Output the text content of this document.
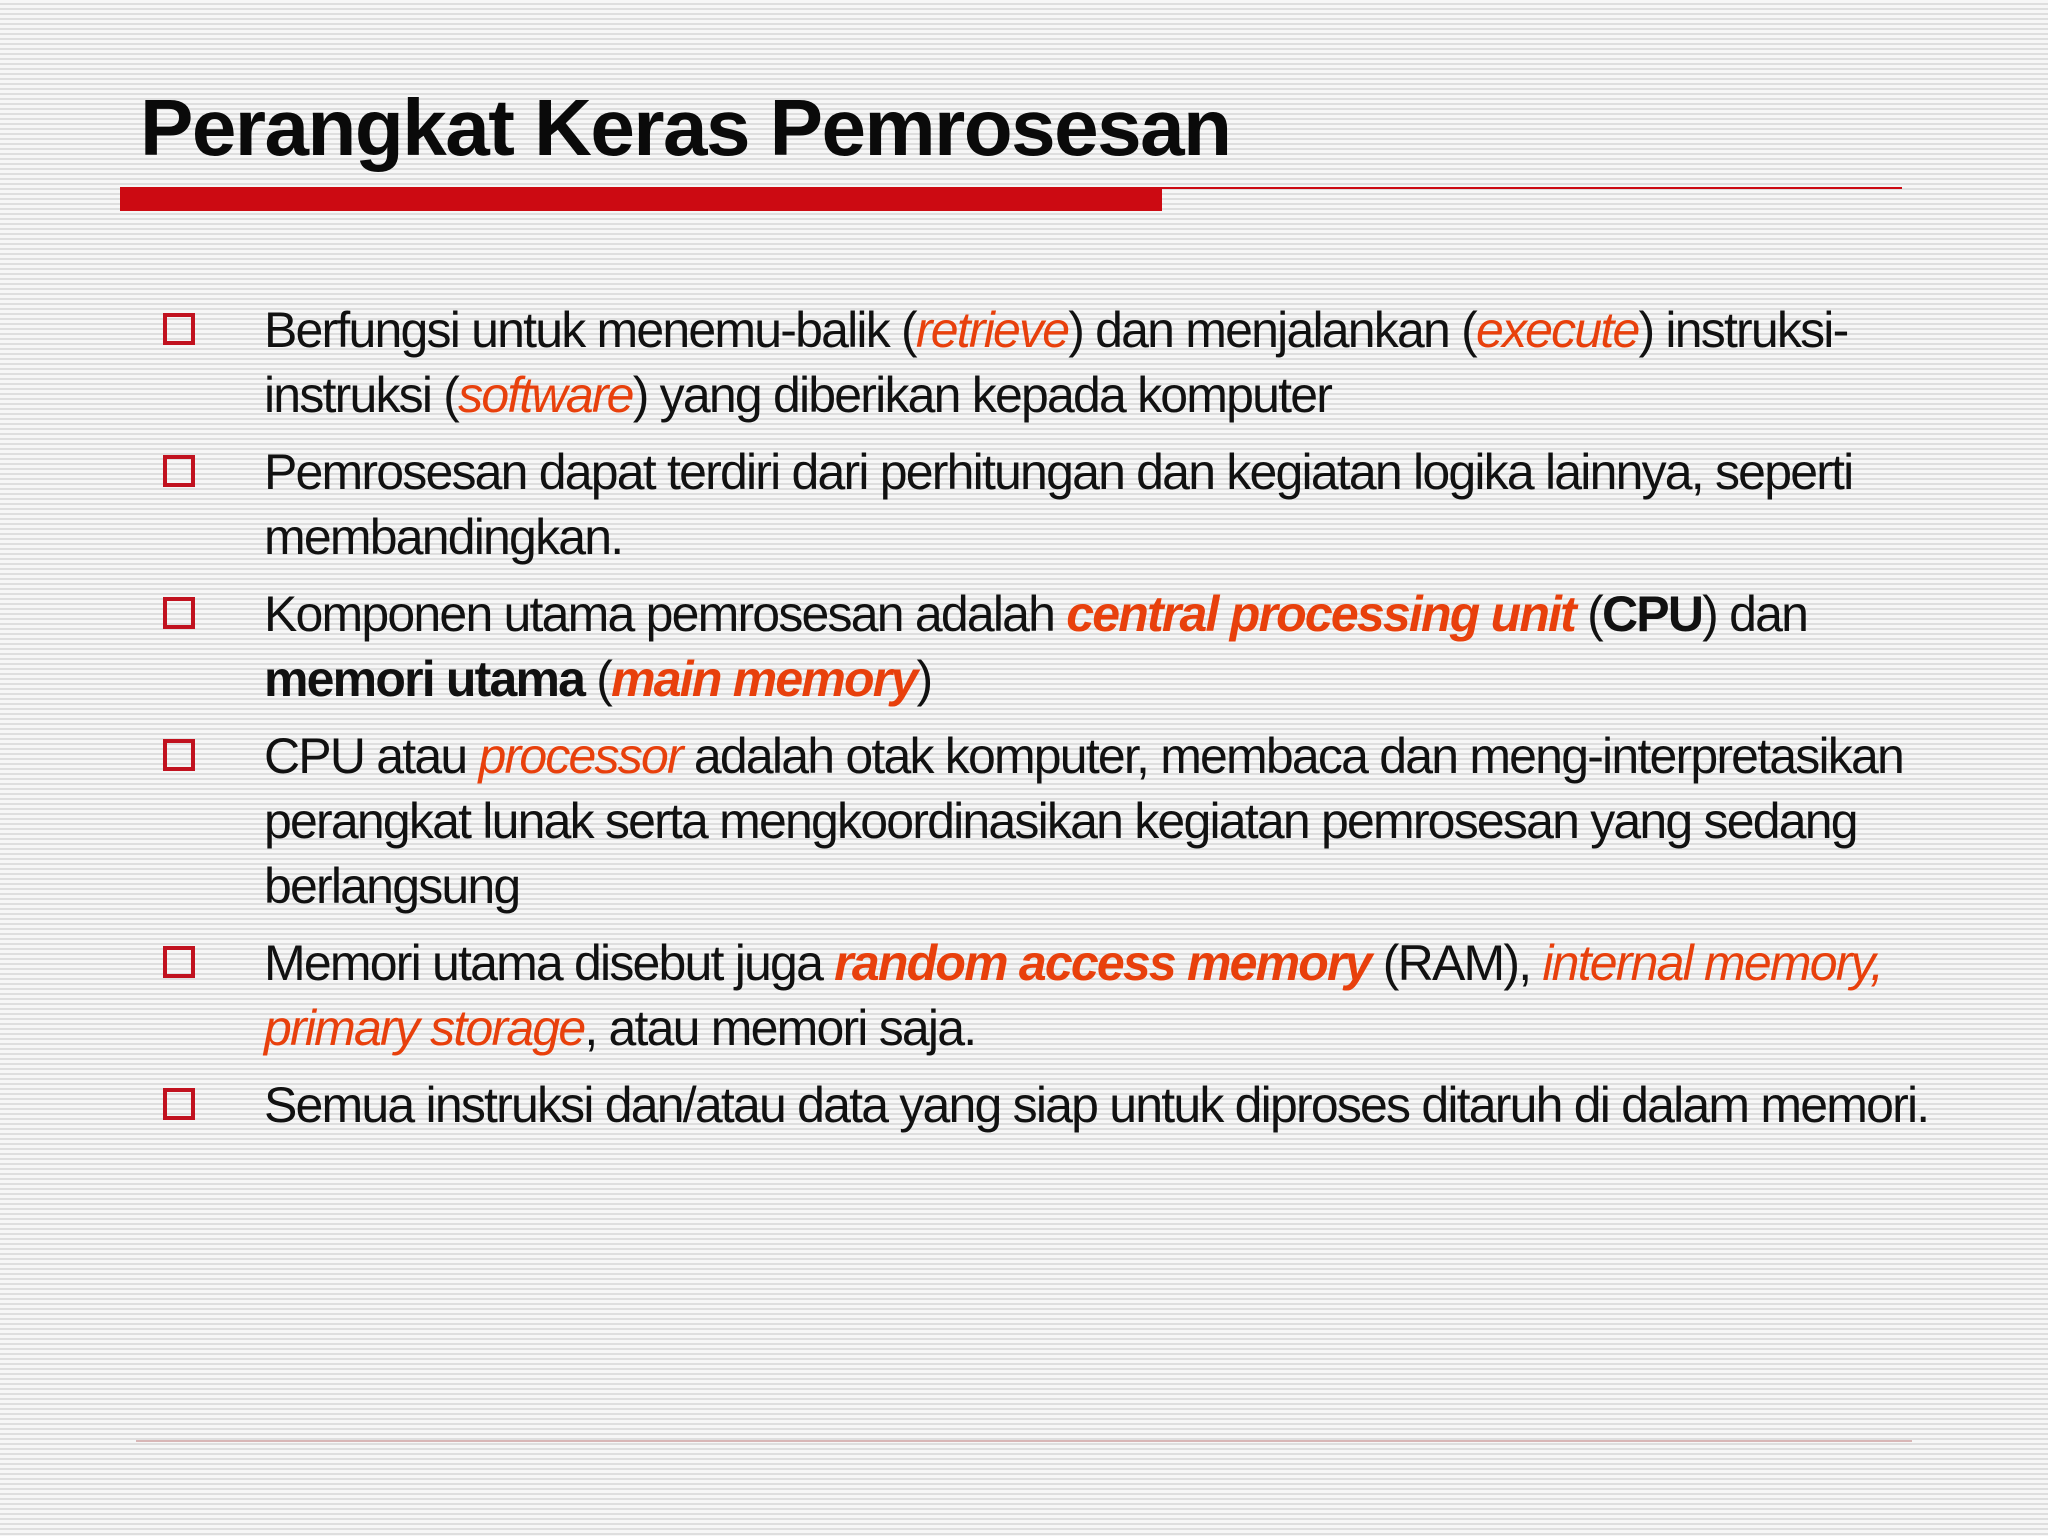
Perangkat Keras Pemrosesan
Berfungsi untuk menemu-balik (retrieve) dan menjalankan (execute) instruksi-instruksi (software) yang diberikan kepada komputer
Pemrosesan dapat terdiri dari perhitungan dan kegiatan logika lainnya, seperti membandingkan.
Komponen utama pemrosesan adalah central processing unit (CPU) dan memori utama (main memory)
CPU atau processor adalah otak komputer, membaca dan meng-interpretasikan perangkat lunak serta mengkoordinasikan kegiatan pemrosesan yang sedang berlangsung
Memori utama disebut juga random access memory (RAM), internal memory, primary storage, atau memori saja.
Semua instruksi dan/atau data yang siap untuk diproses ditaruh di dalam memori.
